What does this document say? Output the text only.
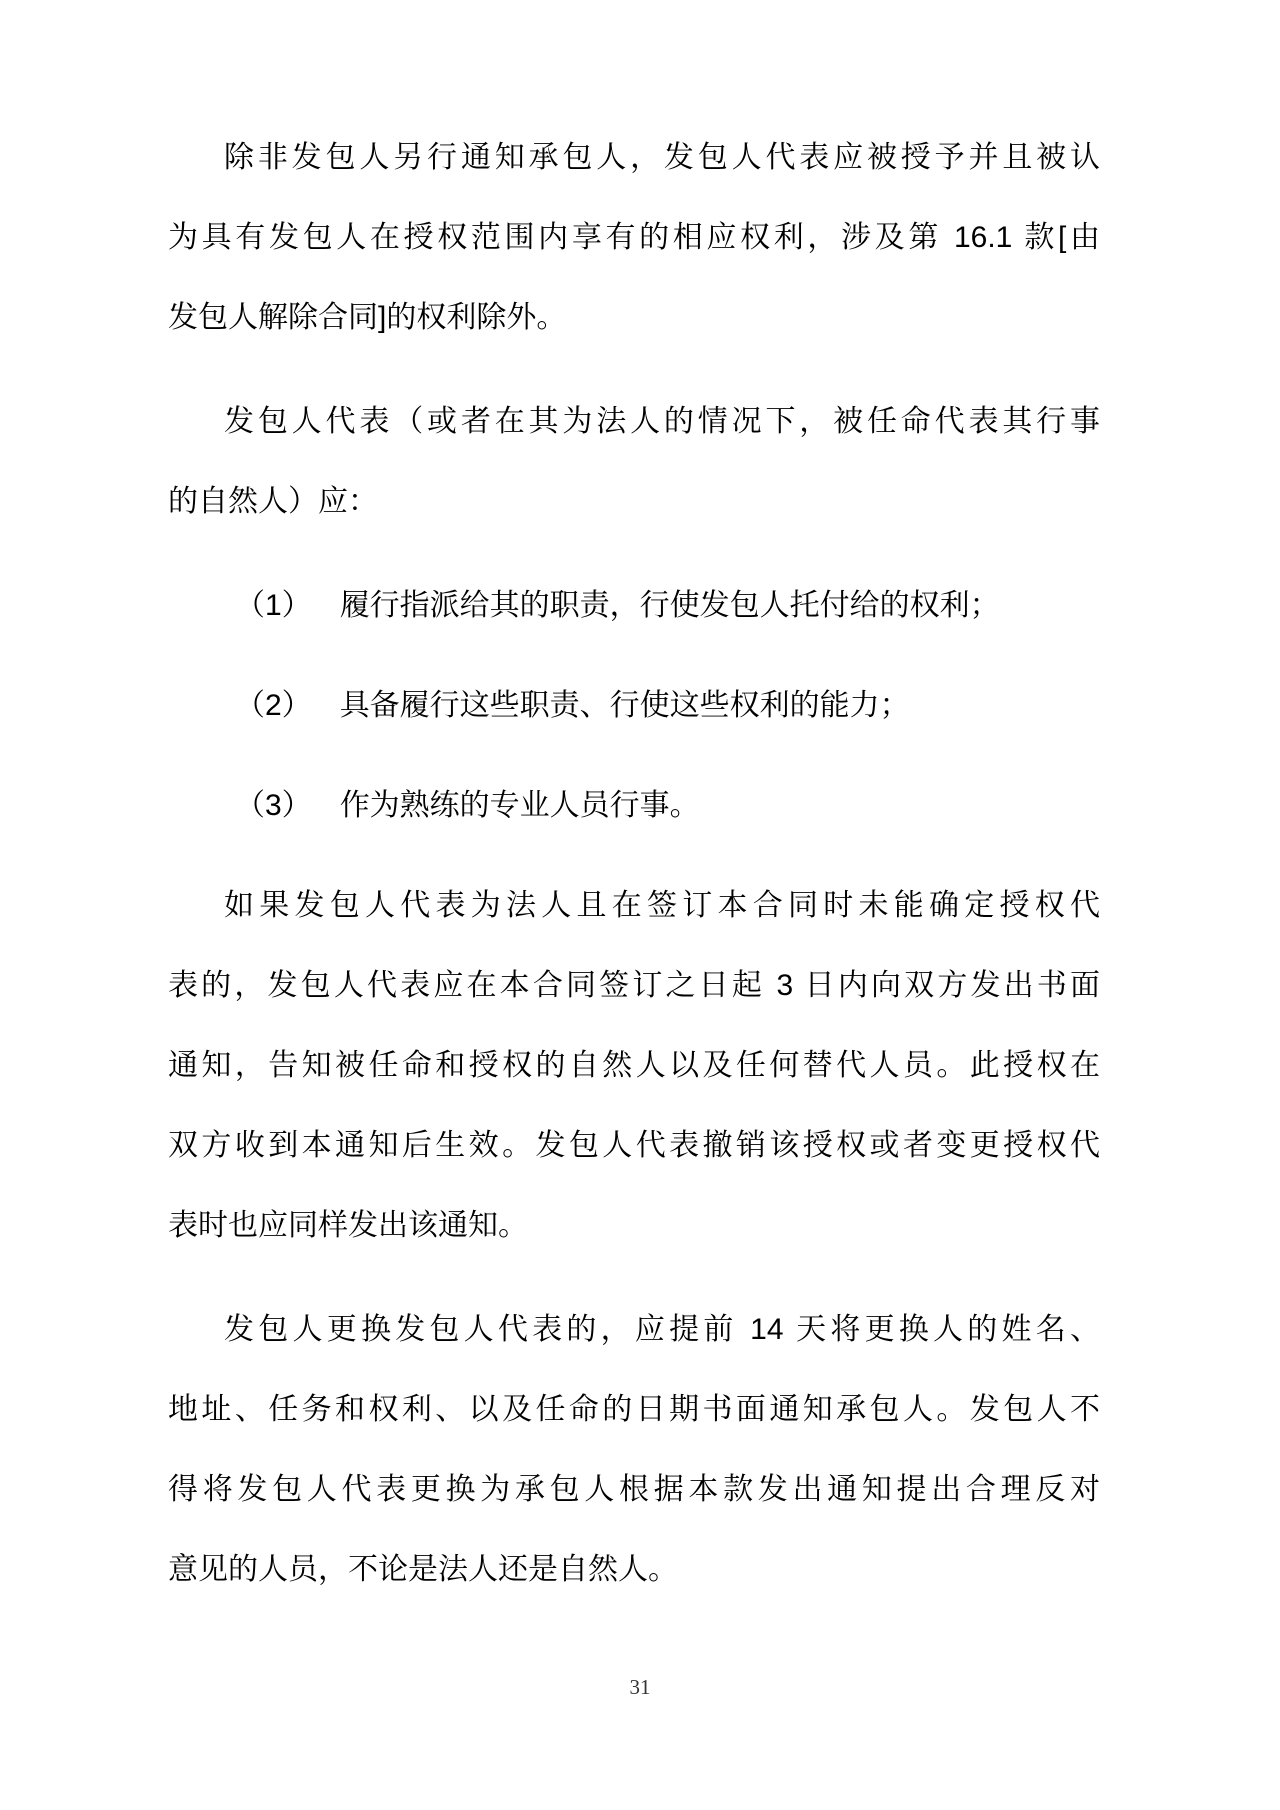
除非发包人另行通知承包人，发包人代表应被授予并且被认
为具有发包人在授权范围内享有的相应权利，涉及第 16.1 款[由
发包人解除合同]的权利除外。
发包人代表（或者在其为法人的情况下，被任命代表其行事
的自然人）应：
（1） 履行指派给其的职责，行使发包人托付给的权利；
（2） 具备履行这些职责、行使这些权利的能力；
（3） 作为熟练的专业人员行事。
如果发包人代表为法人且在签订本合同时未能确定授权代
表的，发包人代表应在本合同签订之日起 3 日内向双方发出书面
通知，告知被任命和授权的自然人以及任何替代人员。此授权在
双方收到本通知后生效。发包人代表撤销该授权或者变更授权代
表时也应同样发出该通知。
发包人更换发包人代表的，应提前 14 天将更换人的姓名、
地址、任务和权利、以及任命的日期书面通知承包人。发包人不
得将发包人代表更换为承包人根据本款发出通知提出合理反对
意见的人员，不论是法人还是自然人。
31
